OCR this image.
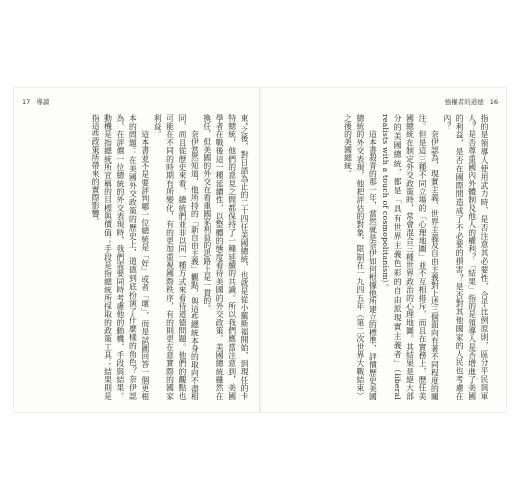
17 導讀	強權者的道德 16

東”之後，對日語為止的二十四任美國總統，也就是從小羅斯福開始，到現任的卡特總統，他們的意見之間都保持了一種延續的共識。所以我們應當注意到，美國學者在戰後這一種延續性，以整體的態度看待美國的外交政策。美國總統雖然在換任，但美國的外交在看重國家利益的思路上是一貫的。

奈伊當然知道，他所持的「新自由主義」觀點，與這些總統本身的取向不盡相同，而且從歷史來看，總統們並非以同一種方式來看待道德問題。他們的觀點也可能在不同的時期有所變化，有的更加重視國際秩序，有的則更在意實際的國家利益。

這本書並不是要評判哪一位總統是「好」或者「壞」，而是試圖回答一個更根本的問題：在美國外交政策的歷史上，道德到底扮演了什麼樣的角色？奈伊認為，在評價一位總統的外交表現時，我們需要同時考慮他的動機、手段與結果。動機是指總統所宣稱的目標與價值；手段是指總統所採取的政策工具；結果則是指這些政策所帶來的實際影響。	指的是領導人使用武力時，是否注意其必要性，合乎比例原則，區分平民與軍人？是否尊重國內外體制及他人的權利？「結果」指的是領導人是否增進了美國的利益，是否在國際間造成了不必要的損害？是否對其他國家的人民也考慮在內？

奈伊認為，現實主義、世界主義及自由主義對上述三個面向有著不同程度的關注。但是這三種不同立場的「心理地圖」並不互相排斥，而且在實務上，歷任美國總統在制定外交政策時，常會混合三種世界政治的心理地圖。其結果是絕大部分的美國總統，都是「具有世界主義色彩的自由派現實主義者」（liberal realists with a touch of cosmopolitanism）。

這本書殺青的那一年，當然就是奈伊如何根據他所建立的標準，評價歷史美國總統的外交表現，他把評估的對象，限制在一九四五年（第二次世界大戰結束）之後的美國總統。
